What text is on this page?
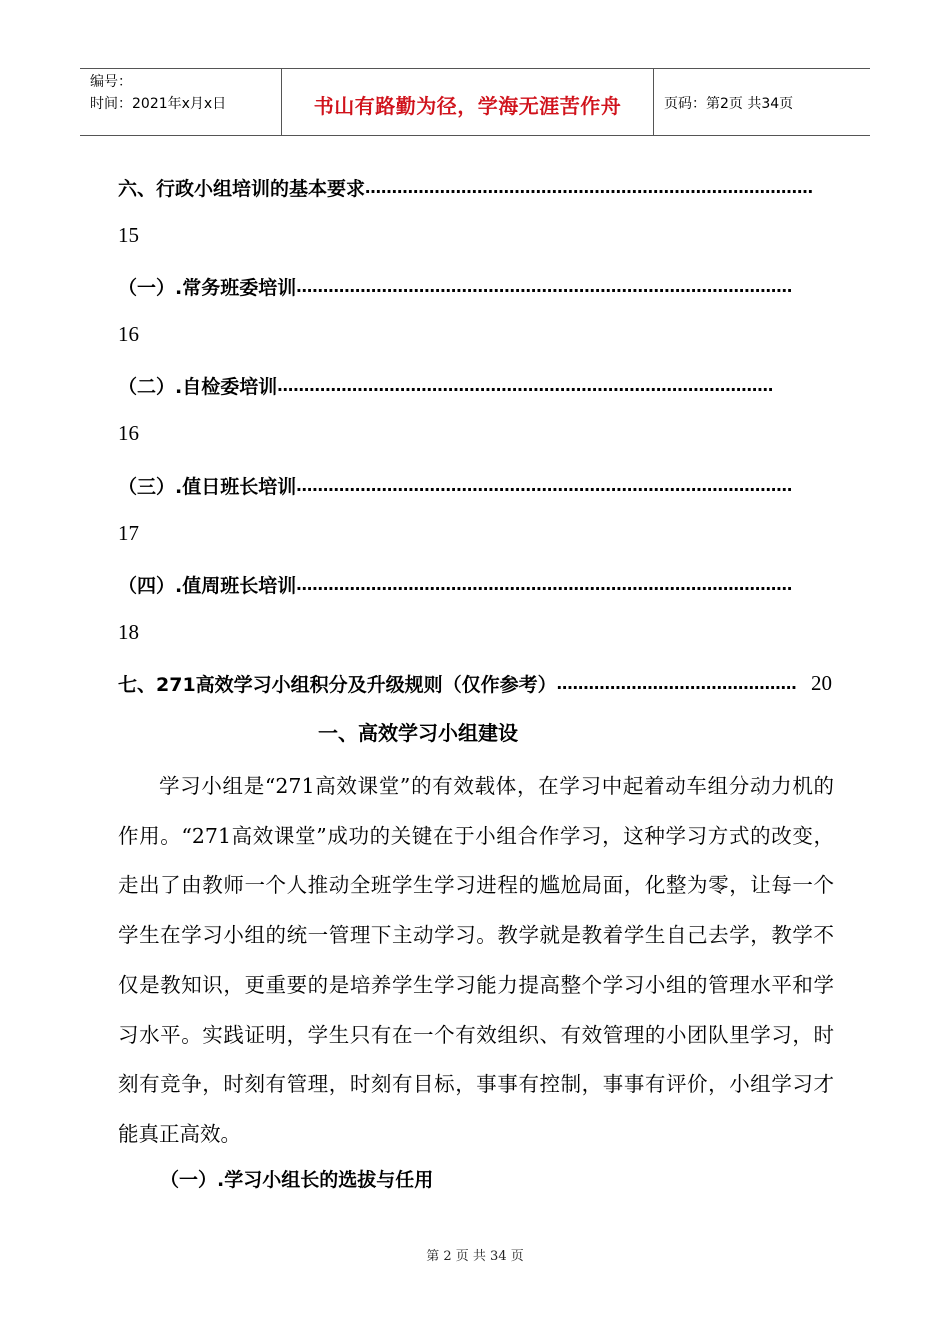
编号：
时间：2021年x月x日	书山有路勤为径，学海无涯苦作舟	页码：第2页 共34页
六、行政小组培训的基本要求 …………………………………………………………………………
15
（一）.常务班委培训 …………………………………………………………………………………
16
（二）.自检委培训 …………………………………………………………………………………
16
（三）.值日班长培训 …………………………………………………………………………………
17
（四）.值周班长培训 …………………………………………………………………………………
18
七、271高效学习小组积分及升级规则（仅作参考） ……………………………………… 20
一、高效学习小组建设

学习小组是“271高效课堂”的有效载体，在学习中起着动车组分动力机的作用。“271高效课堂”成功的关键在于小组合作学习，这种学习方式的改变，走出了由教师一个人推动全班学生学习进程的尴尬局面，化整为零，让每一个学生在学习小组的统一管理下主动学习。教学就是教着学生自己去学，教学不仅是教知识，更重要的是培养学生学习能力提高整个学习小组的管理水平和学习水平。实践证明，学生只有在一个有效组织、有效管理的小团队里学习，时刻有竞争，时刻有管理，时刻有目标，事事有控制，事事有评价，小组学习才能真正高效。

（一）.学习小组长的选拔与任用
第 2 页 共 34 页
